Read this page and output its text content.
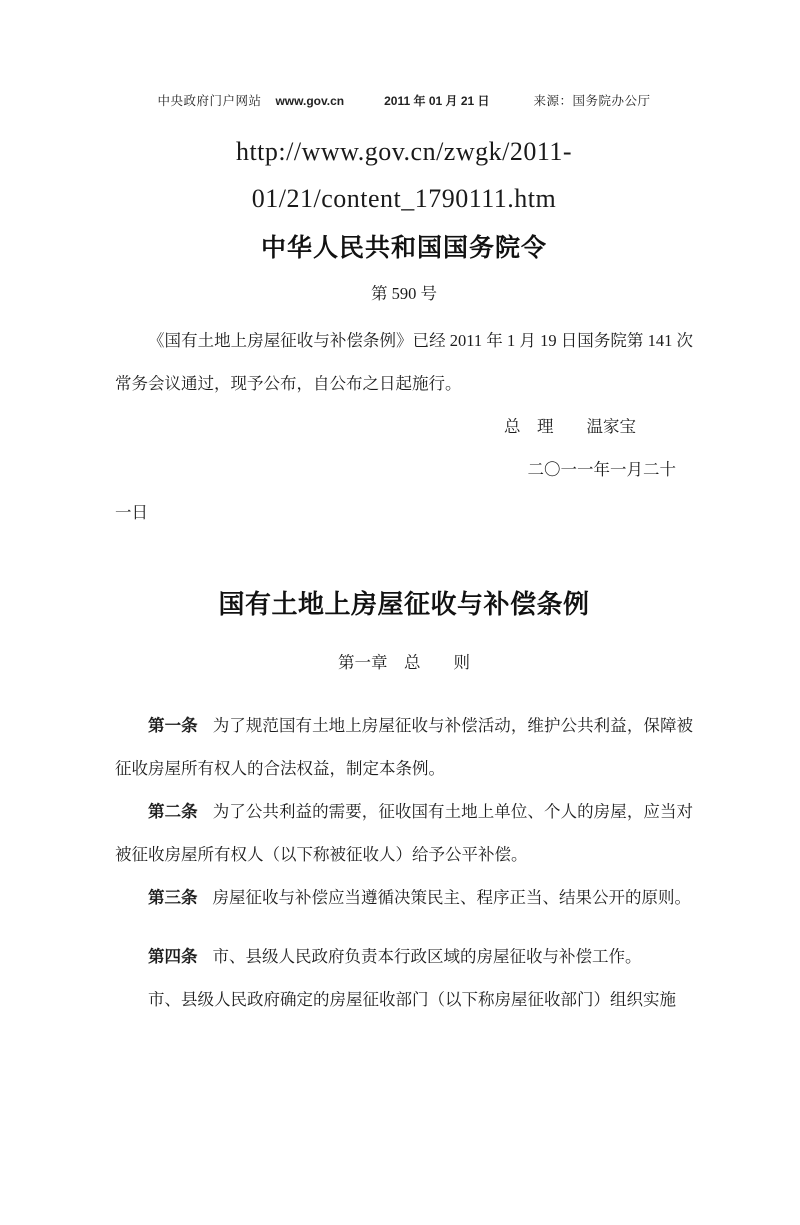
中央政府门户网站 www.gov.cn	2011 年 01 月 21 日	来源：国务院办公厅
http://www.gov.cn/zwgk/2011-
01/21/content_1790111.htm
中华人民共和国国务院令
第 590 号

《国有土地上房屋征收与补偿条例》已经 2011 年 1 月 19 日国务院第 141 次常务会议通过，现予公布，自公布之日起施行。

总　理　　温家宝

二〇一一年一月二十

一日

国有土地上房屋征收与补偿条例
第一章　总　　则

第一条 为了规范国有土地上房屋征收与补偿活动，维护公共利益，保障被征收房屋所有权人的合法权益，制定本条例。

第二条 为了公共利益的需要，征收国有土地上单位、个人的房屋，应当对被征收房屋所有权人（以下称被征收人）给予公平补偿。

第三条 房屋征收与补偿应当遵循决策民主、程序正当、结果公开的原则。

第四条 市、县级人民政府负责本行政区域的房屋征收与补偿工作。

市、县级人民政府确定的房屋征收部门（以下称房屋征收部门）组织实施
